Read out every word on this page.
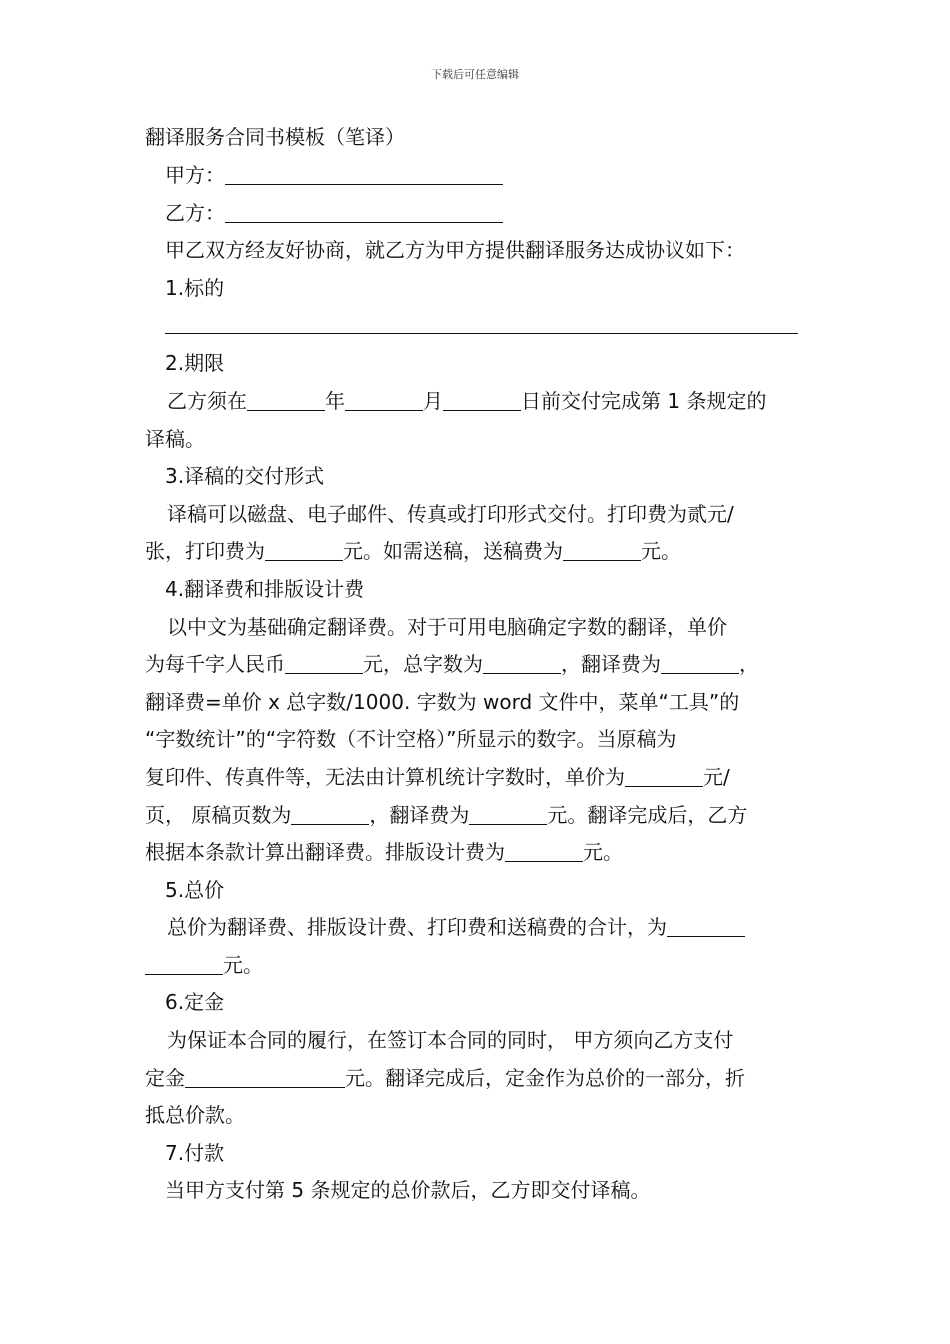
下载后可任意编辑
翻译服务合同书模板（笔译）
甲方：
乙方：
甲乙双方经友好协商，就乙方为甲方提供翻译服务达成协议如下：
1.标的
2.期限
乙方须在	年	月	日前交付完成第 1 条规定的
译稿。
3.译稿的交付形式
译稿可以磁盘、电子邮件、传真或打印形式交付。打印费为贰元/
张，打印费为	元。如需送稿，送稿费为	元。
4.翻译费和排版设计费
以中文为基础确定翻译费。对于可用电脑确定字数的翻译，单价
为每千字人民币	元，总字数为	，翻译费为	，
翻译费=单价 x 总字数/1000. 字数为 word 文件中，菜单“工具”的
“字数统计”的“字符数（不计空格）”所显示的数字。当原稿为
复印件、传真件等，无法由计算机统计字数时，单价为	元/
页， 原稿页数为	，翻译费为	元。翻译完成后，乙方
根据本条款计算出翻译费。排版设计费为	元。
5.总价
总价为翻译费、排版设计费、打印费和送稿费的合计，为
元。
6.定金
为保证本合同的履行，在签订本合同的同时， 甲方须向乙方支付
定金	元。翻译完成后，定金作为总价的一部分，折
抵总价款。
7.付款
当甲方支付第 5 条规定的总价款后，乙方即交付译稿。
